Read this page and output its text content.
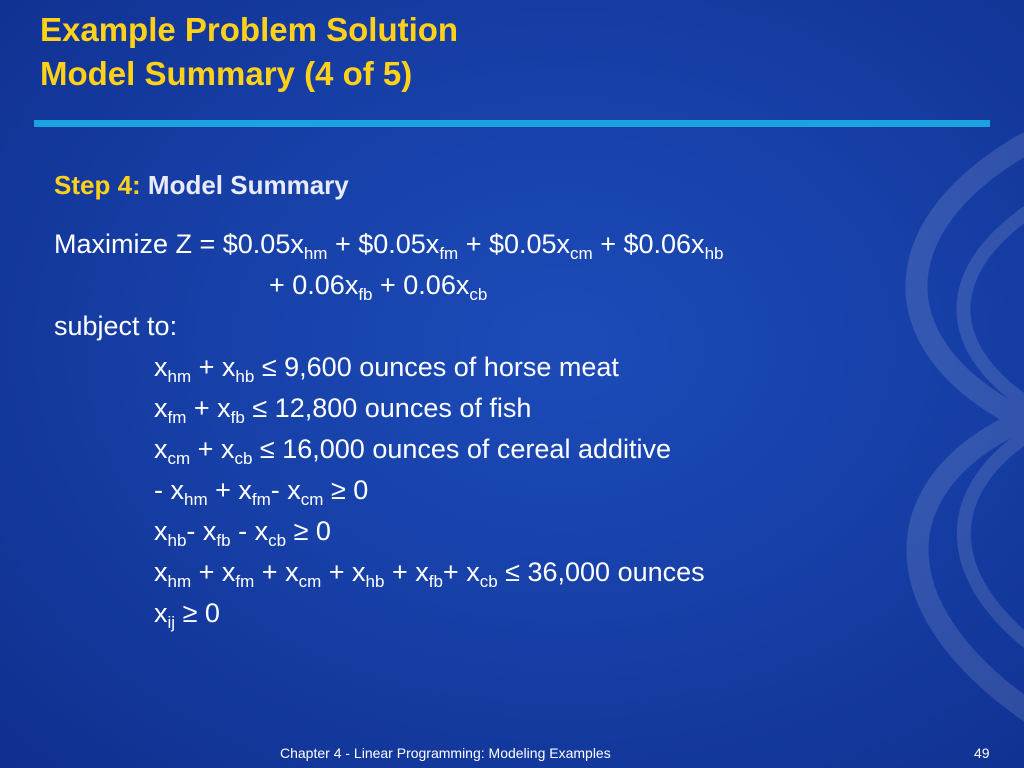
Example Problem Solution
Model Summary (4 of 5)
Step 4: Model Summary
Maximize $Z = \$0.05x_{hm}$ + $\$0.05x_{fm}$ + $\$0.05x_{cm}$ + $\$0.06x_{hb}$
+ $0.06x_{fb} + 0.06x_{cb}$
subject to:
$x_{hm} + x_{hb} \le 9,600$ ounces of horse meat
$x_{fm} + x_{fb} \le 12,800$ ounces of fish
$x_{cm} + x_{cb} \le 16,000$ ounces of cereal additive
- $x_{hm} + x_{fm}-$ $x_{cm} \ge 0$
$x_{hb}-$ $x_{fb} - x_{cb} \ge 0$
$x_{hm} + x_{fm} + x_{cm} + x_{hb} + x_{fb}+ x_{cb} \le 36,000$ ounces
$x_{ij} \ge 0$
Chapter 4 - Linear Programming: Modeling Examples	49
